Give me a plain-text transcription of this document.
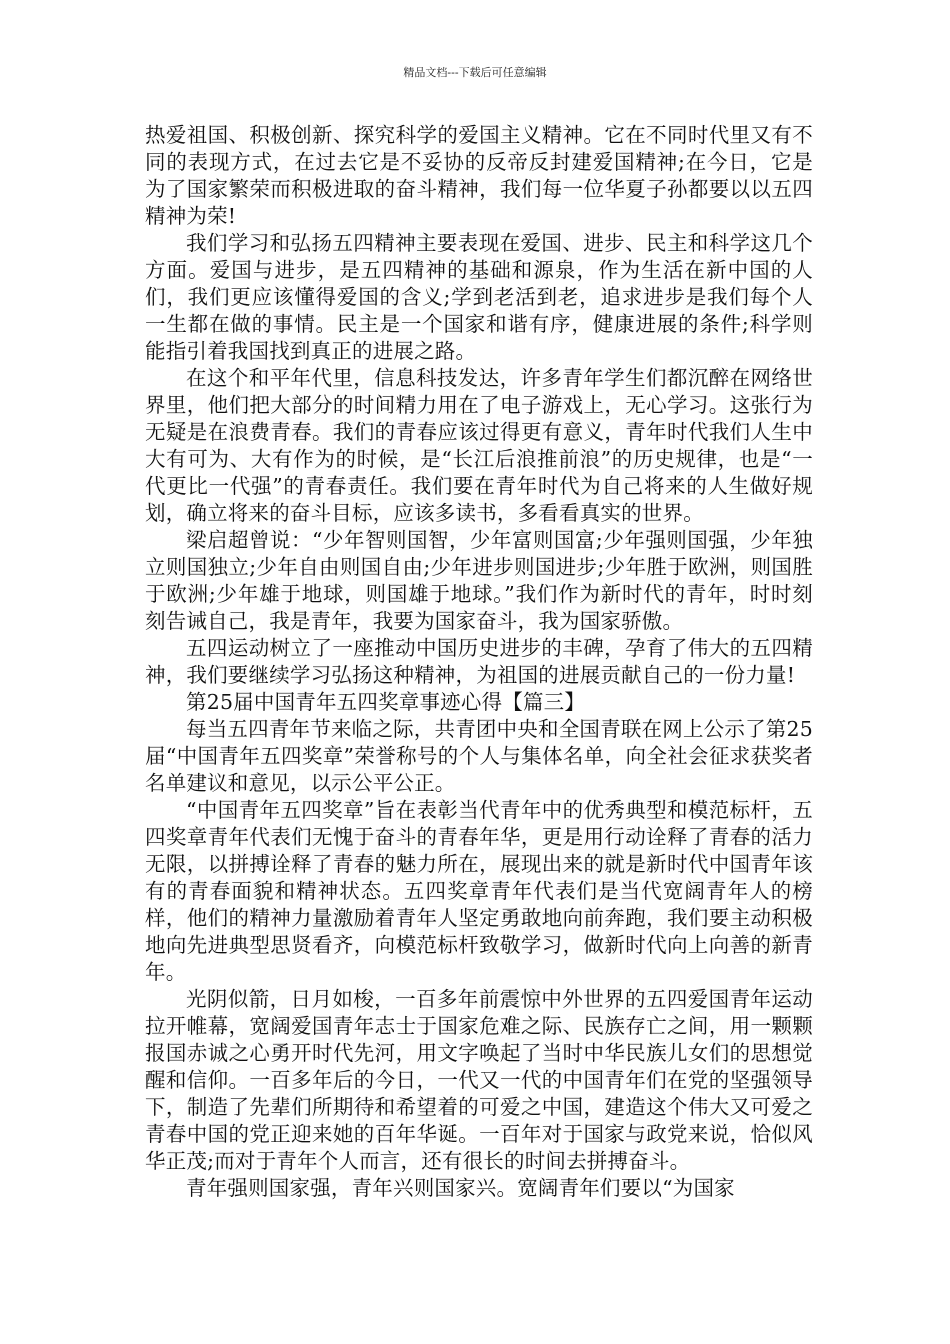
精品文档---下载后可任意编辑

热爱祖国、积极创新、探究科学的爱国主义精神。它在不同时代里又有不同的表现方式，在过去它是不妥协的反帝反封建爱国精神;在今日，它是为了国家繁荣而积极进取的奋斗精神，我们每一位华夏子孙都要以以五四精神为荣!

我们学习和弘扬五四精神主要表现在爱国、进步、民主和科学这几个方面。爱国与进步，是五四精神的基础和源泉，作为生活在新中国的人们，我们更应该懂得爱国的含义;学到老活到老，追求进步是我们每个人一生都在做的事情。民主是一个国家和谐有序，健康进展的条件;科学则能指引着我国找到真正的进展之路。

在这个和平年代里，信息科技发达，许多青年学生们都沉醉在网络世界里，他们把大部分的时间精力用在了电子游戏上，无心学习。这张行为无疑是在浪费青春。我们的青春应该过得更有意义，青年时代我们人生中大有可为、大有作为的时候，是“长江后浪推前浪”的历史规律，也是“一代更比一代强”的青春责任。我们要在青年时代为自己将来的人生做好规划，确立将来的奋斗目标，应该多读书，多看看真实的世界。

梁启超曾说：“少年智则国智，少年富则国富;少年强则国强，少年独立则国独立;少年自由则国自由;少年进步则国进步;少年胜于欧洲，则国胜于欧洲;少年雄于地球，则国雄于地球。”我们作为新时代的青年，时时刻刻告诫自己，我是青年，我要为国家奋斗，我为国家骄傲。

五四运动树立了一座推动中国历史进步的丰碑，孕育了伟大的五四精神，我们要继续学习弘扬这种精神，为祖国的进展贡献自己的一份力量!

第25届中国青年五四奖章事迹心得【篇三】

每当五四青年节来临之际，共青团中央和全国青联在网上公示了第25届“中国青年五四奖章”荣誉称号的个人与集体名单，向全社会征求获奖者名单建议和意见，以示公平公正。

“中国青年五四奖章”旨在表彰当代青年中的优秀典型和模范标杆，五四奖章青年代表们无愧于奋斗的青春年华，更是用行动诠释了青春的活力无限，以拼搏诠释了青春的魅力所在，展现出来的就是新时代中国青年该有的青春面貌和精神状态。五四奖章青年代表们是当代宽阔青年人的榜样，他们的精神力量激励着青年人坚定勇敢地向前奔跑，我们要主动积极地向先进典型思贤看齐，向模范标杆致敬学习，做新时代向上向善的新青年。

光阴似箭，日月如梭，一百多年前震惊中外世界的五四爱国青年运动拉开帷幕，宽阔爱国青年志士于国家危难之际、民族存亡之间，用一颗颗报国赤诚之心勇开时代先河，用文字唤起了当时中华民族儿女们的思想觉醒和信仰。一百多年后的今日，一代又一代的中国青年们在党的坚强领导下，制造了先辈们所期待和希望着的可爱之中国，建造这个伟大又可爱之青春中国的党正迎来她的百年华诞。一百年对于国家与政党来说，恰似风华正茂;而对于青年个人而言，还有很长的时间去拼搏奋斗。

青年强则国家强，青年兴则国家兴。宽阔青年们要以“为国家
